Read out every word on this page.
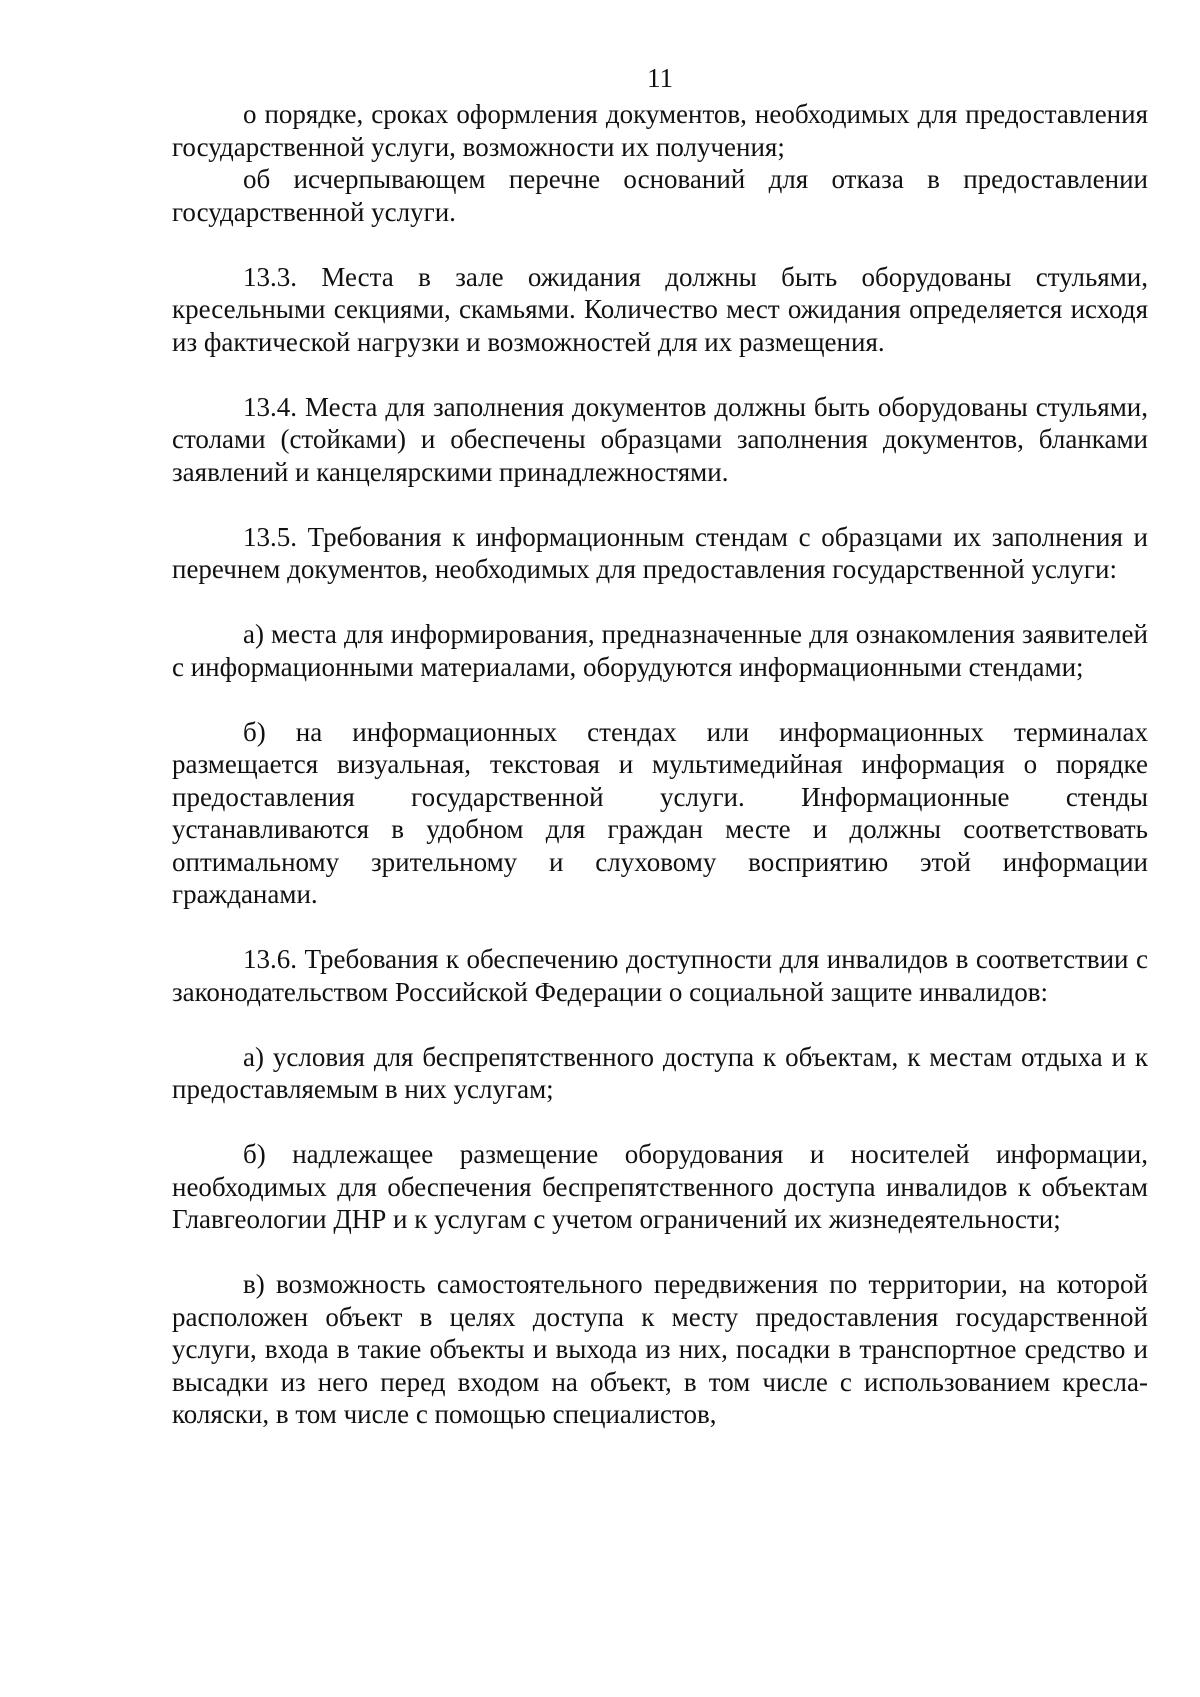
11

о порядке, сроках оформления документов, необходимых для предоставления государственной услуги, возможности их получения;

об исчерпывающем перечне оснований для отказа в предоставлении государственной услуги.

13.3. Места в зале ожидания должны быть оборудованы стульями, кресельными секциями, скамьями. Количество мест ожидания определяется исходя из фактической нагрузки и возможностей для их размещения.

13.4. Места для заполнения документов должны быть оборудованы стульями, столами (стойками) и обеспечены образцами заполнения документов, бланками заявлений и канцелярскими принадлежностями.

13.5. Требования к информационным стендам с образцами их заполнения и перечнем документов, необходимых для предоставления государственной услуги:

а) места для информирования, предназначенные для ознакомления заявителей с информационными материалами, оборудуются информационными стендами;

б) на информационных стендах или информационных терминалах размещается визуальная, текстовая и мультимедийная информация о порядке предоставления государственной услуги. Информационные стенды устанавливаются в удобном для граждан месте и должны соответствовать оптимальному зрительному и слуховому восприятию этой информации гражданами.

13.6. Требования к обеспечению доступности для инвалидов в соответствии с законодательством Российской Федерации о социальной защите инвалидов:

а) условия для беспрепятственного доступа к объектам, к местам отдыха и к предоставляемым в них услугам;

б) надлежащее размещение оборудования и носителей информации, необходимых для обеспечения беспрепятственного доступа инвалидов к объектам Главгеологии ДНР и к услугам с учетом ограничений их жизнедеятельности;

в) возможность самостоятельного передвижения по территории, на которой расположен объект в целях доступа к месту предоставления государственной услуги, входа в такие объекты и выхода из них, посадки в транспортное средство и высадки из него перед входом на объект, в том числе с использованием кресла-коляски, в том числе с помощью специалистов,
